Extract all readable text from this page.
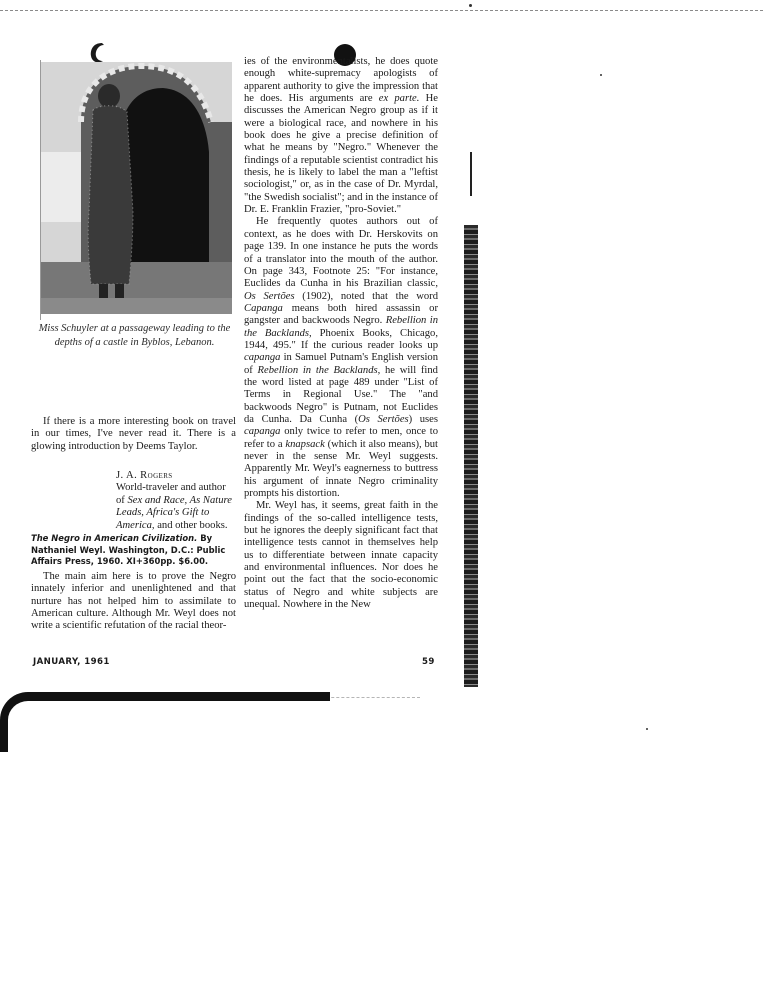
Miss Schuyler at a passageway leading to the depths of a castle in Byblos, Lebanon.

If there is a more interesting book on travel in our times, I've never read it. There is a glowing introduction by Deems Taylor.

J. A. Rogers
World-traveler and author of Sex and Race, As Nature Leads, Africa's Gift to America, and other books.
The Negro in American Civilization. By Nathaniel Weyl. Washington, D.C.: Public Affairs Press, 1960. XI+360pp. $6.00.

The main aim here is to prove the Negro innately inferior and unenlightened and that nurture has not helped him to assimilate to American culture. Although Mr. Weyl does not write a scientific refutation of the racial theor-

ies of the environmentalists, he does quote enough white-supremacy apologists of apparent authority to give the impression that he does. His arguments are ex parte. He discusses the American Negro group as if it were a biological race, and nowhere in his book does he give a precise definition of what he means by "Negro." Whenever the findings of a reputable scientist contradict his thesis, he is likely to label the man a "leftist sociologist," or, as in the case of Dr. Myrdal, "the Swedish socialist"; and in the instance of Dr. E. Franklin Frazier, "pro-Soviet."

He frequently quotes authors out of context, as he does with Dr. Herskovits on page 139. In one instance he puts the words of a translator into the mouth of the author. On page 343, Footnote 25: "For instance, Euclides da Cunha in his Brazilian classic, Os Sertões (1902), noted that the word Capanga means both hired assassin or gangster and backwoods Negro. Rebellion in the Backlands, Phoenix Books, Chicago, 1944, 495." If the curious reader looks up capanga in Samuel Putnam's English version of Rebellion in the Backlands, he will find the word listed at page 489 under "List of Terms in Regional Use." The "and backwoods Negro" is Putnam, not Euclides da Cunha. Da Cunha (Os Sertões) uses capanga only twice to refer to men, once to refer to a knapsack (which it also means), but never in the sense Mr. Weyl suggests. Apparently Mr. Weyl's eagnerness to buttress his argument of innate Negro criminality prompts his distortion.

Mr. Weyl has, it seems, great faith in the findings of the so-called intelligence tests, but he ignores the deeply significant fact that intelligence tests cannot in themselves help us to differentiate between innate capacity and environmental influences. Nor does he point out the fact that the socio-economic status of Negro and white subjects are unequal. Nowhere in the New

JANUARY, 1961	59
